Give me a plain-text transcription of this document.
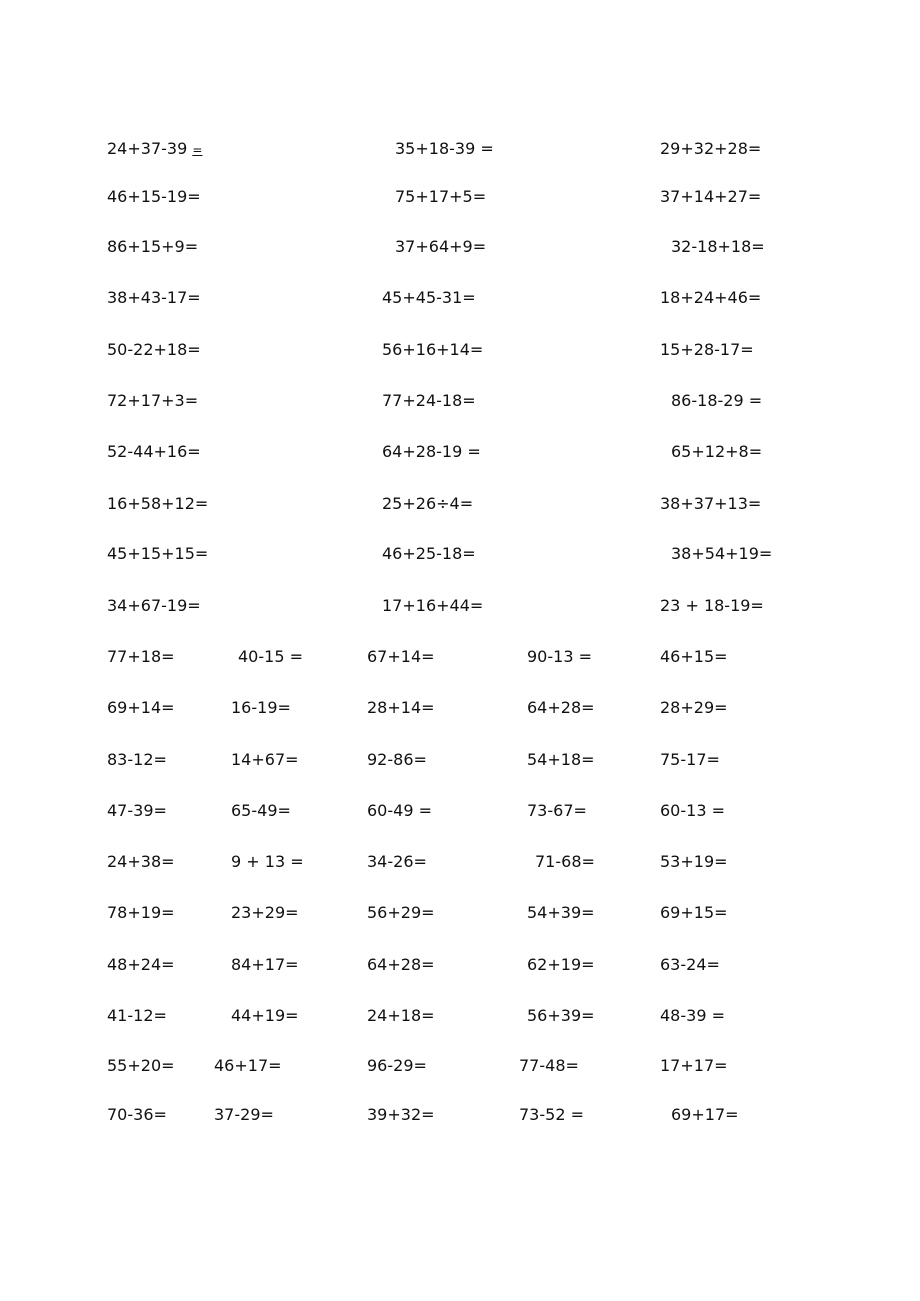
24+37-39 =	35+18-39 =	29+32+28=
46+15-19=	75+17+5=	37+14+27=
86+15+9=	37+64+9=	32-18+18=
38+43-17=	45+45-31=	18+24+46=
50-22+18=	56+16+14=	15+28-17=
72+17+3=	77+24-18=	86-18-29 =
52-44+16=	64+28-19 =	65+12+8=
16+58+12=	25+26÷4=	38+37+13=
45+15+15=	46+25-18=	38+54+19=
34+67-19=	17+16+44=	23 + 18-19=
77+18=	40-15 =	67+14=	90-13 =	46+15=
69+14=	16-19=	28+14=	64+28=	28+29=
83-12=	14+67=	92-86=	54+18=	75-17=
47-39=	65-49=	60-49 =	73-67=	60-13 =
24+38=	9 + 13 =	34-26=	71-68=	53+19=
78+19=	23+29=	56+29=	54+39=	69+15=
48+24=	84+17=	64+28=	62+19=	63-24=
41-12=	44+19=	24+18=	56+39=	48-39 =
55+20= 46+17=	96-29=	77-48=	17+17=
70-36=	37-29=	39+32=	73-52 =	69+17=
